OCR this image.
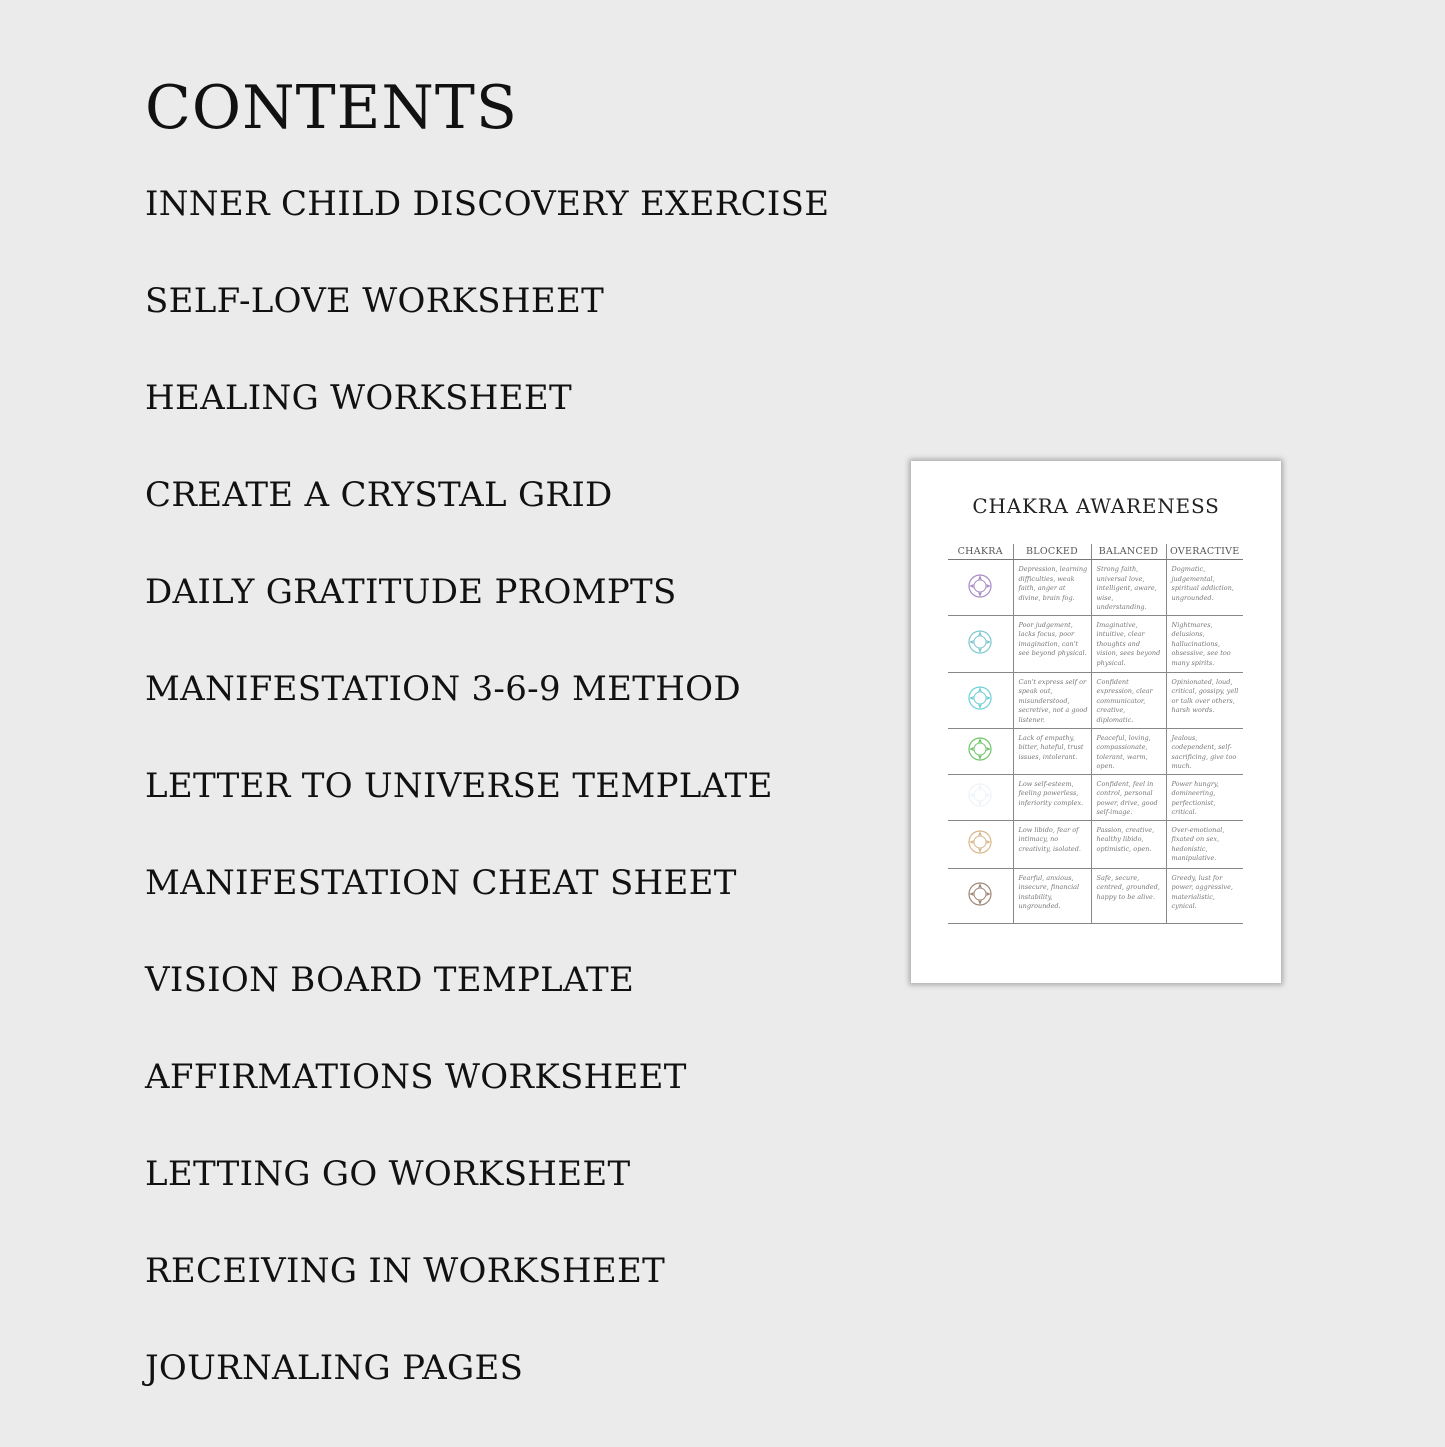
CONTENTS
INNER CHILD DISCOVERY EXERCISE
SELF-LOVE WORKSHEET
HEALING WORKSHEET
CREATE A CRYSTAL GRID
DAILY GRATITUDE PROMPTS
MANIFESTATION 3-6-9 METHOD
LETTER TO UNIVERSE TEMPLATE
MANIFESTATION CHEAT SHEET
VISION BOARD TEMPLATE
AFFIRMATIONS WORKSHEET
LETTING GO WORKSHEET
RECEIVING IN WORKSHEET
JOURNALING PAGES
CHAKRA AWARENESS
CHAKRA	BLOCKED	BALANCED	OVERACTIVE
	Depression, learning difficulties, weak faith, anger at divine, brain fog.	Strong faith, universal love, intelligent, aware, wise, understanding.	Dogmatic, judgemental, spiritual addiction, ungrounded.
	Poor judgement, lacks focus, poor imagination, can't see beyond physical.	Imaginative, intuitive, clear thoughts and vision, sees beyond physical.	Nightmares, delusions, hallucinations, obsessive, see too many spirits.
	Can't express self or speak out, misunderstood, secretive, not a good listener.	Confident expression, clear communicator, creative, diplomatic.	Opinionated, loud, critical, gossipy, yell or talk over others, harsh words.
	Lack of empathy, bitter, hateful, trust issues, intolerant.	Peaceful, loving, compassionate, tolerant, warm, open.	Jealous, codependent, self-sacrificing, give too much.
	Low self-esteem, feeling powerless, inferiority complex.	Confident, feel in control, personal power, drive, good self-image.	Power hungry, domineering, perfectionist, critical.
	Low libido, fear of intimacy, no creativity, isolated.	Passion, creative, healthy libido, optimistic, open.	Over-emotional, fixated on sex, hedonistic, manipulative.
	Fearful, anxious, insecure, financial instability, ungrounded.	Safe, secure, centred, grounded, happy to be alive.	Greedy, lust for power, aggressive, materialistic, cynical.
